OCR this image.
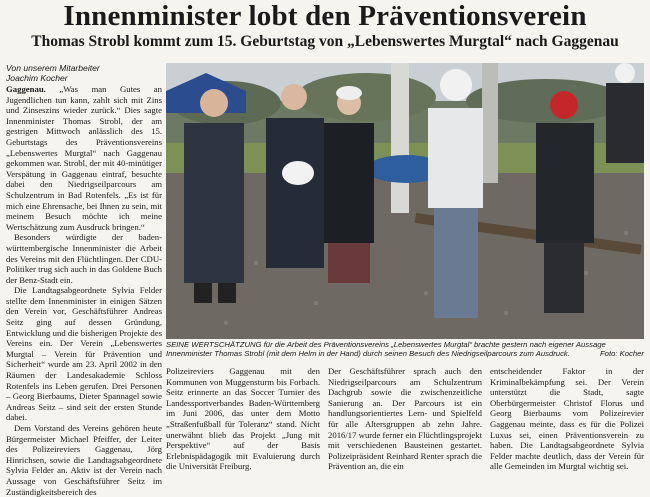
Innenminister lobt den Präventionsverein
Thomas Strobl kommt zum 15. Geburtstag von „Lebenswertes Murgtal“ nach Gaggenau
Von unserem Mitarbeiter
Joachim Kocher

Gaggenau. „Was man Gutes an Jugendlichen tun kann, zahlt sich mit Zins und Zinseszins wieder zurück.“ Dies sagte Innenminister Thomas Strobl, der am gestrigen Mittwoch anlässlich des 15. Geburtstags des Präventionsvereins „Lebenswertes Murgtal“ nach Gaggenau gekommen war. Strobl, der mit 40-minütiger Verspätung in Gaggenau eintraf, besuchte dabei den Niedrigseilparcours am Schulzentrum in Bad Rotenfels. „Es ist für mich eine Ehrensache, bei Ihnen zu sein, mit meinem Besuch möchte ich meine Wertschätzung zum Ausdruck bringen.“

Besonders würdigte der baden-württembergische Innenminister die Arbeit des Vereins mit den Flüchtlingen. Der CDU-Politiker trug sich auch in das Goldene Buch der Benz-Stadt ein.

Die Landtagsabgeordnete Sylvia Felder stellte dem Innenminister in einigen Sätzen den Verein vor, Geschäftsführer Andreas Seitz ging auf dessen Gründung, Entwicklung und die bisherigen Projekte des Vereins ein. Der Verein „Lebenswertes Murgtal – Verein für Prävention und Sicherheit“ wurde am 23. April 2002 in den Räumen der Landesakademie Schloss Rotenfels ins Leben gerufen. Drei Personen – Georg Bierbaums, Dieter Spannagel sowie Andreas Seitz – sind seit der ersten Stunde dabei.

Dem Vorstand des Vereins gehören heute Bürgermeister Michael Pfeiffer, der Leiter des Polizeireviers Gaggenau, Jörg Hinrichsen, sowie die Landtagsabgeordnete Sylvia Felder an. Aktiv ist der Verein nach Aussage von Geschäftsführer Seitz im Zuständigkeitsbereich des

SEINE WERTSCHÄTZUNG für die Arbeit des Präventionsvereins „Lebenswertes Murgtal“ brachte gestern nach eigener Aussage Innenminister Thomas Strobl (mit dem Helm in der Hand) durch seinen Besuch des Niedrigseilparcours zum Ausdruck.	Foto: Kocher

Polizeireviers Gaggenau mit den Kommunen von Muggensturm bis Forbach. Seitz erinnerte an das Soccer Turnier des Landessportverbandes Baden-Württemberg im Juni 2006, das unter dem Motto „Straßenfußball für Toleranz“ stand. Nicht unerwähnt blieb das Projekt „Jung mit Perspektive“ auf der Basis Erlebnispädagogik mit Evaluierung durch die Universität Freiburg.

Der Geschäftsführer sprach auch den Niedrigseilparcours am Schulzentrum Dachgrub sowie die zwischenzeitliche Sanierung an. Der Parcours ist ein handlungsorientiertes Lern- und Spielfeld für alle Altersgruppen ab zehn Jahre. 2016/17 wurde ferner ein Flüchtlingsprojekt mit verschiedenen Bausteinen gestartet. Polizeipräsident Reinhard Renter sprach die Prävention an, die ein

entscheidender Faktor in der Kriminalbekämpfung sei. Der Verein unterstützt die Stadt, sagte Oberbürgermeister Christof Florus und Georg Bierbaums vom Polizeirevier Gaggenau meinte, dass es für die Polizei Luxus sei, einen Präventionsverein zu haben. Die Landtagsabgeordnete Sylvia Felder machte deutlich, dass der Verein für alle Gemeinden im Murgtal wichtig sei.
